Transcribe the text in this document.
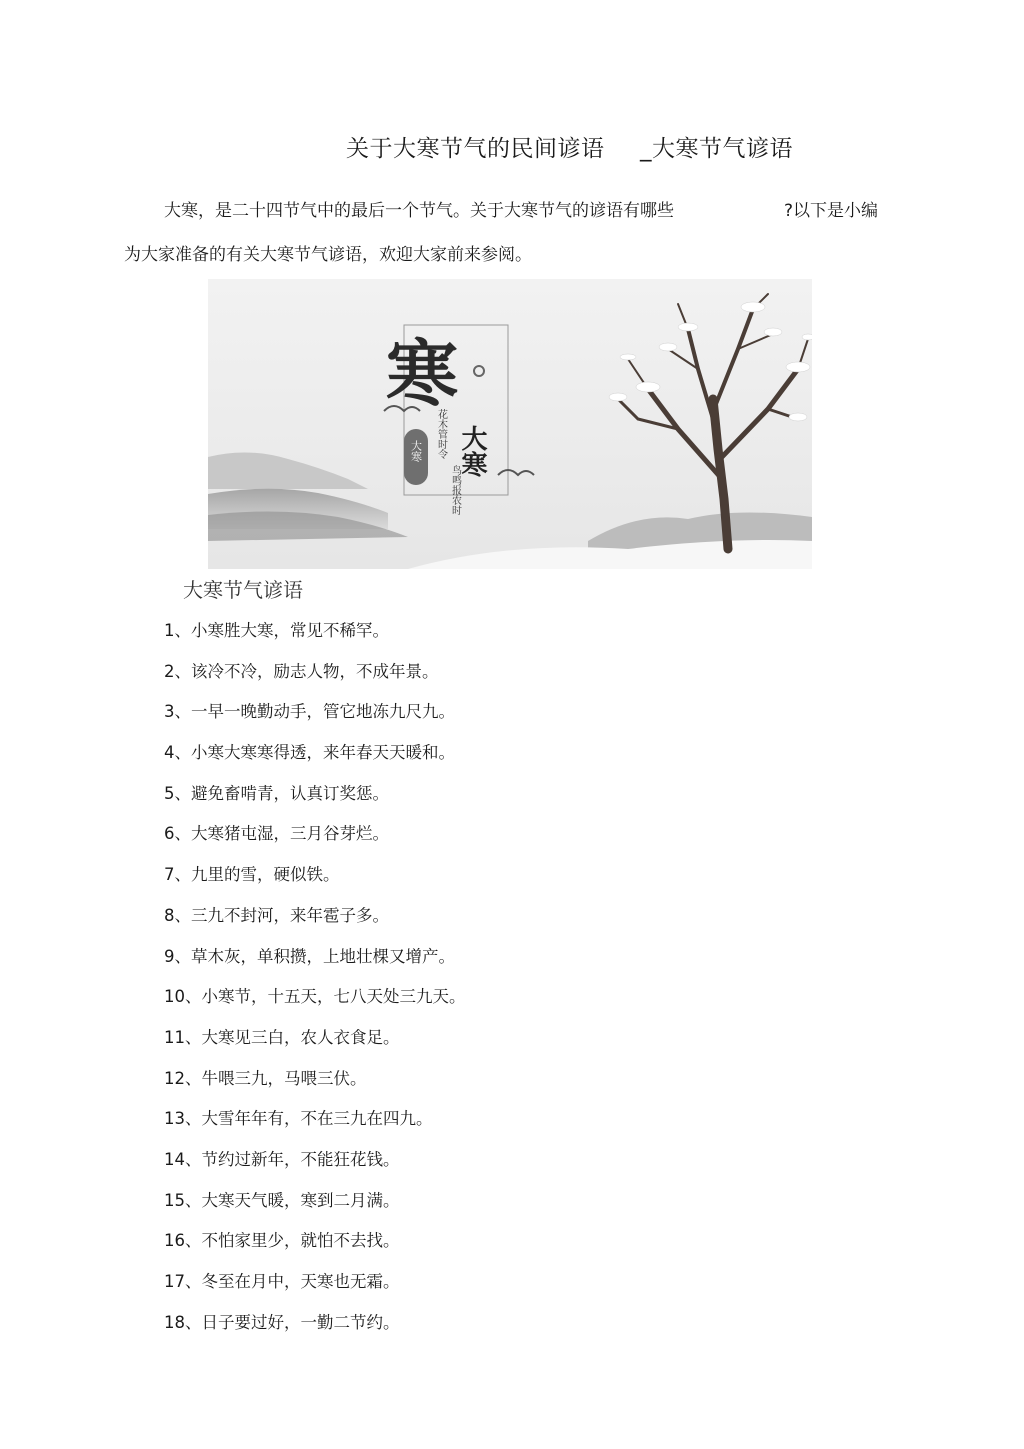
关于大寒节气的民间谚语 _大寒节气谚语
大寒，是二十四节气中的最后一个节气。关于大寒节气的谚语有哪些	?以下是小编
为大家准备的有关大寒节气谚语，欢迎大家前来参阅。
寒
大寒 大寒
花木管时令
鸟鸣报农时
大寒节气谚语
1、小寒胜大寒，常见不稀罕。
2、该冷不冷，励志人物，不成年景。
3、一早一晚勤动手，管它地冻九尺九。
4、小寒大寒寒得透，来年春天天暖和。
5、避免畜啃青，认真订奖惩。
6、大寒猪屯湿，三月谷芽烂。
7、九里的雪，硬似铁。
8、三九不封河，来年雹子多。
9、草木灰，单积攒，上地壮棵又增产。
10、小寒节，十五天，七八天处三九天。
11、大寒见三白，农人衣食足。
12、牛喂三九，马喂三伏。
13、大雪年年有，不在三九在四九。
14、节约过新年，不能狂花钱。
15、大寒天气暖，寒到二月满。
16、不怕家里少，就怕不去找。
17、冬至在月中，天寒也无霜。
18、日子要过好，一勤二节约。
